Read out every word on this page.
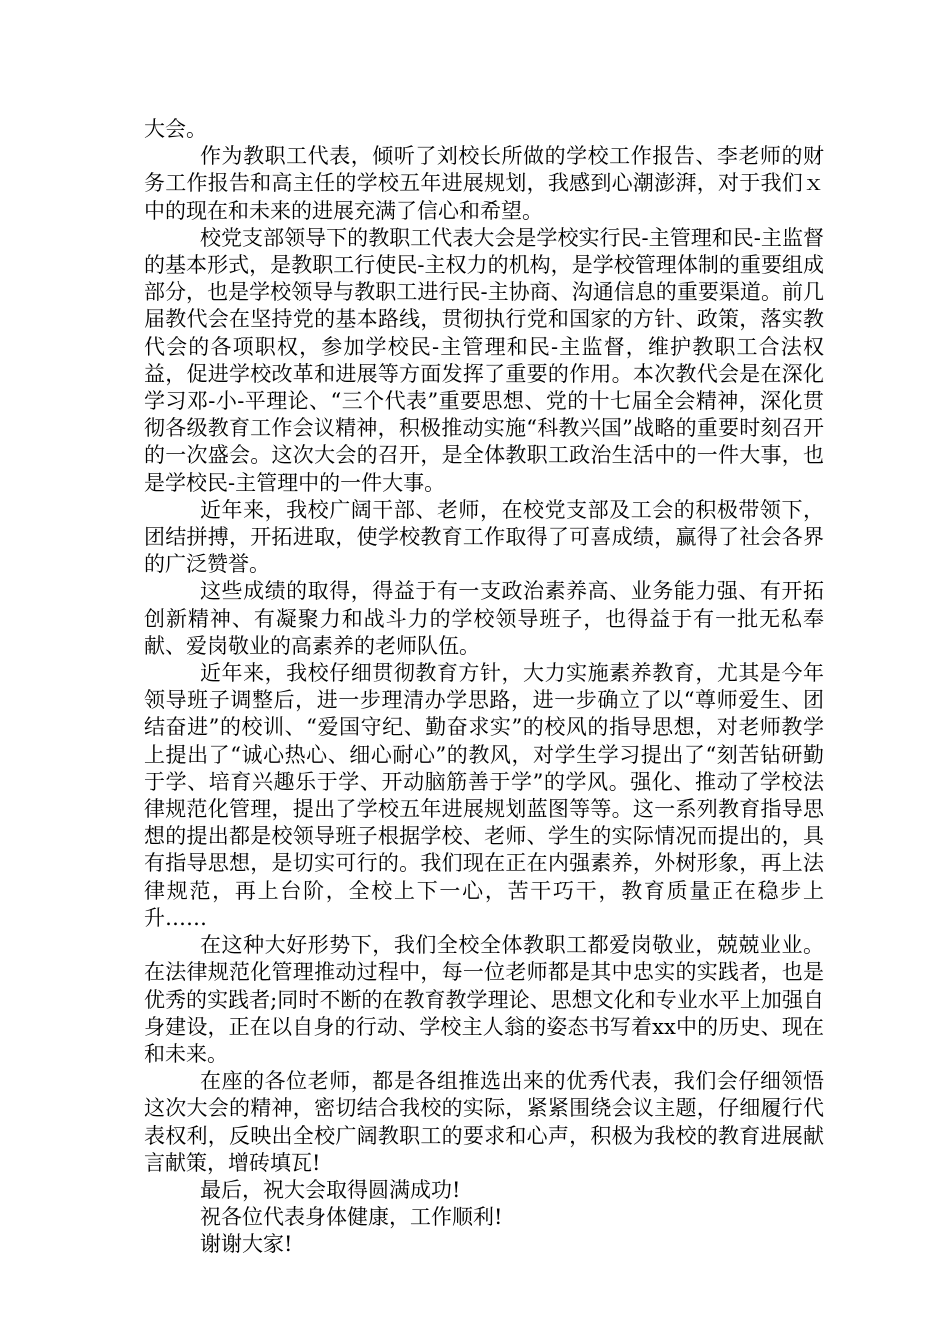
大会。

作为教职工代表，倾听了刘校长所做的学校工作报告、李老师的财务工作报告和高主任的学校五年进展规划，我感到心潮澎湃，对于我们ｘ中的现在和未来的进展充满了信心和希望。

校党支部领导下的教职工代表大会是学校实行民-主管理和民-主监督的基本形式，是教职工行使民-主权力的机构，是学校管理体制的重要组成部分，也是学校领导与教职工进行民-主协商、沟通信息的重要渠道。前几届教代会在坚持党的基本路线，贯彻执行党和国家的方针、政策，落实教代会的各项职权，参加学校民-主管理和民-主监督，维护教职工合法权益，促进学校改革和进展等方面发挥了重要的作用。本次教代会是在深化学习邓-小-平理论、“三个代表”重要思想、党的十七届全会精神，深化贯彻各级教育工作会议精神，积极推动实施“科教兴国”战略的重要时刻召开的一次盛会。这次大会的召开，是全体教职工政治生活中的一件大事，也是学校民-主管理中的一件大事。

近年来，我校广阔干部、老师，在校党支部及工会的积极带领下，团结拼搏，开拓进取，使学校教育工作取得了可喜成绩，赢得了社会各界的广泛赞誉。

这些成绩的取得，得益于有一支政治素养高、业务能力强、有开拓创新精神、有凝聚力和战斗力的学校领导班子，也得益于有一批无私奉献、爱岗敬业的高素养的老师队伍。

近年来，我校仔细贯彻教育方针，大力实施素养教育，尤其是今年领导班子调整后，进一步理清办学思路，进一步确立了以“尊师爱生、团结奋进”的校训、“爱国守纪、勤奋求实”的校风的指导思想，对老师教学上提出了“诚心热心、细心耐心”的教风，对学生学习提出了“刻苦钻研勤于学、培育兴趣乐于学、开动脑筋善于学”的学风。强化、推动了学校法律规范化管理，提出了学校五年进展规划蓝图等等。这一系列教育指导思想的提出都是校领导班子根据学校、老师、学生的实际情况而提出的，具有指导思想，是切实可行的。我们现在正在内强素养，外树形象，再上法律规范，再上台阶，全校上下一心，苦干巧干，教育质量正在稳步上升……

在这种大好形势下，我们全校全体教职工都爱岗敬业，兢兢业业。在法律规范化管理推动过程中，每一位老师都是其中忠实的实践者，也是优秀的实践者;同时不断的在教育教学理论、思想文化和专业水平上加强自身建设，正在以自身的行动、学校主人翁的姿态书写着xx中的历史、现在和未来。

在座的各位老师，都是各组推选出来的优秀代表，我们会仔细领悟这次大会的精神，密切结合我校的实际，紧紧围绕会议主题，仔细履行代表权利，反映出全校广阔教职工的要求和心声，积极为我校的教育进展献言献策，增砖填瓦!

最后，祝大会取得圆满成功!

祝各位代表身体健康，工作顺利!

谢谢大家!
